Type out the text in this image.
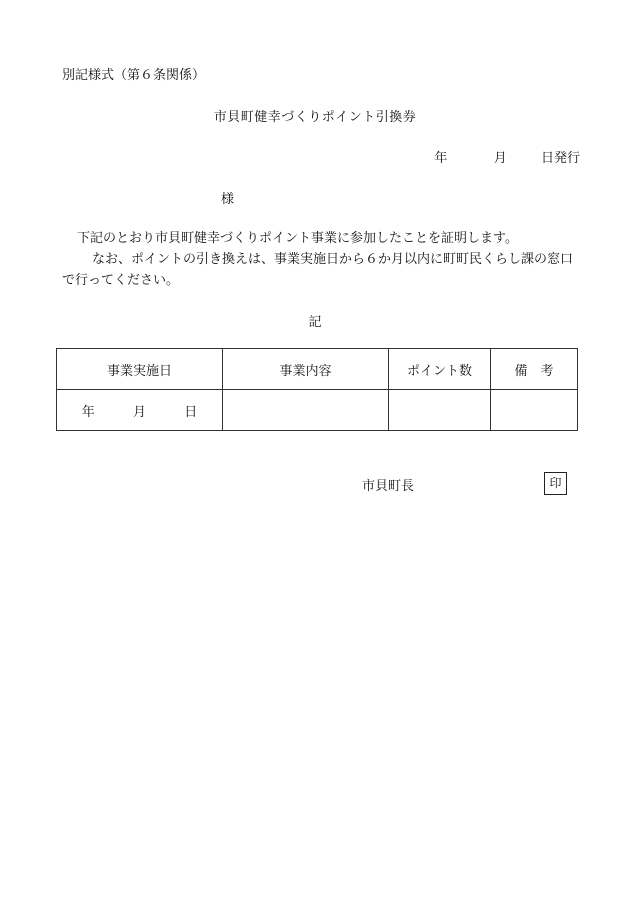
別記様式（第６条関係）
市貝町健幸づくりポイント引換券
年	月	日発行
様

下記のとおり市貝町健幸づくりポイント事業に参加したことを証明します。

なお、ポイントの引き換えは、事業実施日から６か月以内に町町民くらし課の窓口で行ってください。

記
事業実施日	事業内容	ポイント数	備　考
年 月 日			
市貝町長	印
